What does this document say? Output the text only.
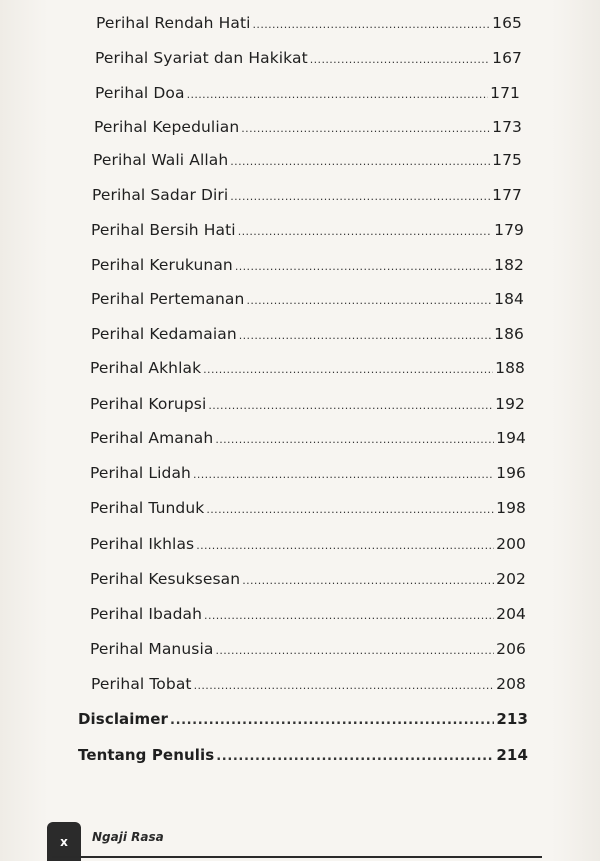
Perihal Rendah Hati .....	165
Perihal Syariat dan Hakikat .....	167
Perihal Doa .....	171
Perihal Kepedulian .....	173
Perihal Wali Allah .....	175
Perihal Sadar Diri .....	177
Perihal Bersih Hati .....	179
Perihal Kerukunan .....	182
Perihal Pertemanan .....	184
Perihal Kedamaian .....	186
Perihal Akhlak .....	188
Perihal Korupsi .....	192
Perihal Amanah .....	194
Perihal Lidah .....	196
Perihal Tunduk .....	198
Perihal Ikhlas .....	200
Perihal Kesuksesan .....	202
Perihal Ibadah .....	204
Perihal Manusia .....	206
Perihal Tobat .....	208
Disclaimer .....	213
Tentang Penulis .....	214
x Ngaji Rasa
